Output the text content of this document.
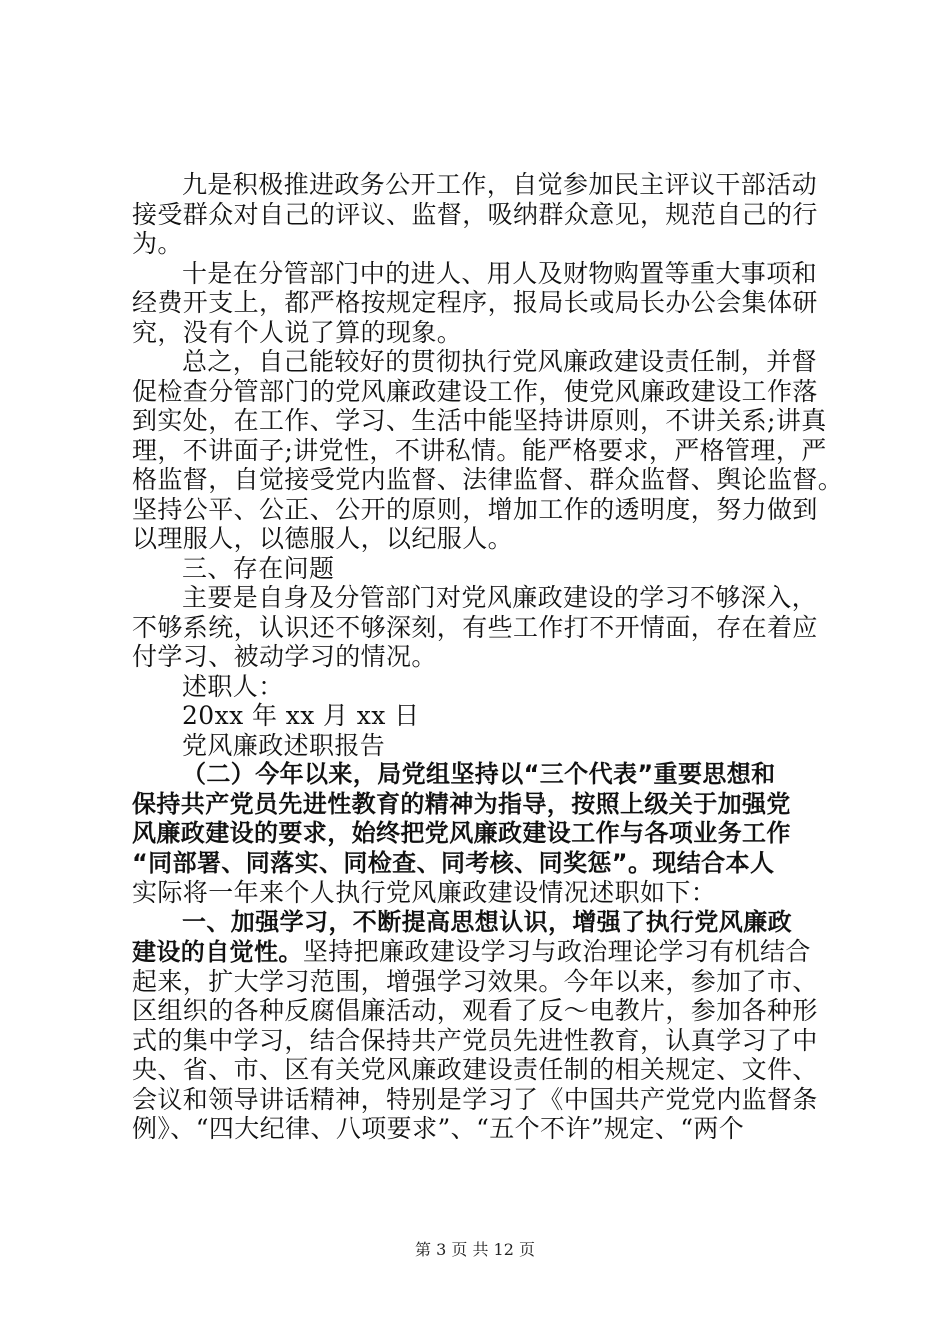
九是积极推进政务公开工作，自觉参加民主评议干部活动
接受群众对自己的评议、监督，吸纳群众意见，规范自己的行
为。
十是在分管部门中的进人、用人及财物购置等重大事项和
经费开支上，都严格按规定程序，报局长或局长办公会集体研
究，没有个人说了算的现象。
总之，自己能较好的贯彻执行党风廉政建设责任制，并督
促检查分管部门的党风廉政建设工作，使党风廉政建设工作落
到实处，在工作、学习、生活中能坚持讲原则，不讲关系;讲真
理，不讲面子;讲党性，不讲私情。能严格要求，严格管理，严
格监督，自觉接受党内监督、法律监督、群众监督、舆论监督。
坚持公平、公正、公开的原则，增加工作的透明度，努力做到
以理服人，以德服人，以纪服人。
三、存在问题
主要是自身及分管部门对党风廉政建设的学习不够深入，
不够系统，认识还不够深刻，有些工作打不开情面，存在着应
付学习、被动学习的情况。
述职人：
20xx 年 xx 月 xx 日
党风廉政述职报告
（二）今年以来，局党组坚持以“三个代表”重要思想和
保持共产党员先进性教育的精神为指导，按照上级关于加强党
风廉政建设的要求，始终把党风廉政建设工作与各项业务工作
“同部署、同落实、同检查、同考核、同奖惩”。现结合本人
实际将一年来个人执行党风廉政建设情况述职如下：
一、加强学习，不断提高思想认识，增强了执行党风廉政
建设的自觉性。坚持把廉政建设学习与政治理论学习有机结合
起来，扩大学习范围，增强学习效果。今年以来，参加了市、
区组织的各种反腐倡廉活动，观看了反～电教片，参加各种形
式的集中学习，结合保持共产党员先进性教育，认真学习了中
央、省、市、区有关党风廉政建设责任制的相关规定、文件、
会议和领导讲话精神，特别是学习了《中国共产党党内监督条
例》、“四大纪律、八项要求”、“五个不许”规定、“两个
第 3 页 共 12 页
